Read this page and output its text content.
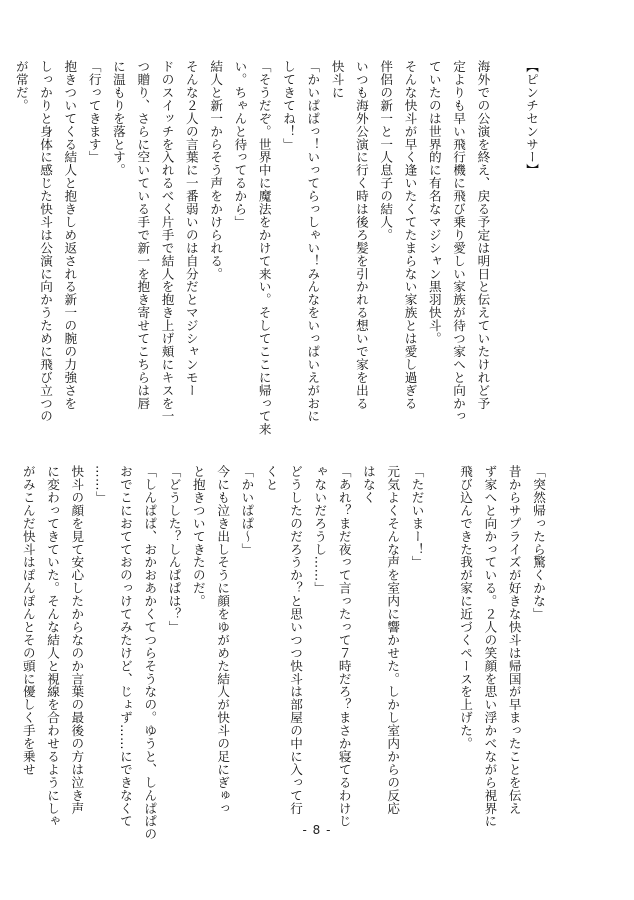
【ピンチセンサー】

海外での公演を終え、戻る予定は明日と伝えていたけれど予
定よりも早い飛行機に飛び乗り愛しい家族が待つ家へと向かっ
ていたのは世界的に有名なマジシャン黒羽快斗。
そんな快斗が早く逢いたくてたまらない家族とは愛し過ぎる
伴侶の新一と一人息子の結人。
いつも海外公演に行く時は後ろ髪を引かれる想いで家を出る
快斗に
「かいぱぱっ！いってらっしゃい！みんなをいっぱいえがおに
してきてね！」
「そうだぞ。世界中に魔法をかけて来い。そしてここに帰って来
い。ちゃんと待ってるから」
結人と新一からそう声をかけられる。
そんな２人の言葉に一番弱いのは自分だとマジシャンモー
ドのスイッチを入れるべく片手で結人を抱き上げ頬にキスを一
つ贈り、さらに空いている手で新一を抱き寄せてこちらは唇
に温もりを落とす。
「行ってきます」
抱きついてくる結人と抱きしめ返される新一の腕の力強さを
しっかりと身体に感じた快斗は公演に向かうために飛び立つの
が常だ。
「突然帰ったら驚くかな」
昔からサプライズが好きな快斗は帰国が早まったことを伝え
ず家へと向かっている。２人の笑顔を思い浮かべながら視界に
飛び込んできた我が家に近づくペースを上げた。

「ただいまー！」
元気よくそんな声を室内に響かせた。しかし室内からの反応
はなく
「あれ？まだ夜って言ったって７時だろ？まさか寝てるわけじ
ゃないだろうし……」
どうしたのだろうか？と思いつつ快斗は部屋の中に入って行
くと
「かいぱぱ〜」
今にも泣き出しそうに顔をゆがめた結人が快斗の足にぎゅっ
と抱きついてきたのだ。
「どうした？しんぱぱは？」
「しんぱぱ、おかおあかくてつらそうなの。ゆうと、しんぱぱの
おでこにおてておのっけてみたけど、じょず……にできなくて
……」
快斗の顔を見て安心したからなのか言葉の最後の方は泣き声
に変わってきていた。そんな結人と視線を合わせるようにしゃ
がみこんだ快斗はぽんぽんとその頭に優しく手を乗せ
- 8 -
